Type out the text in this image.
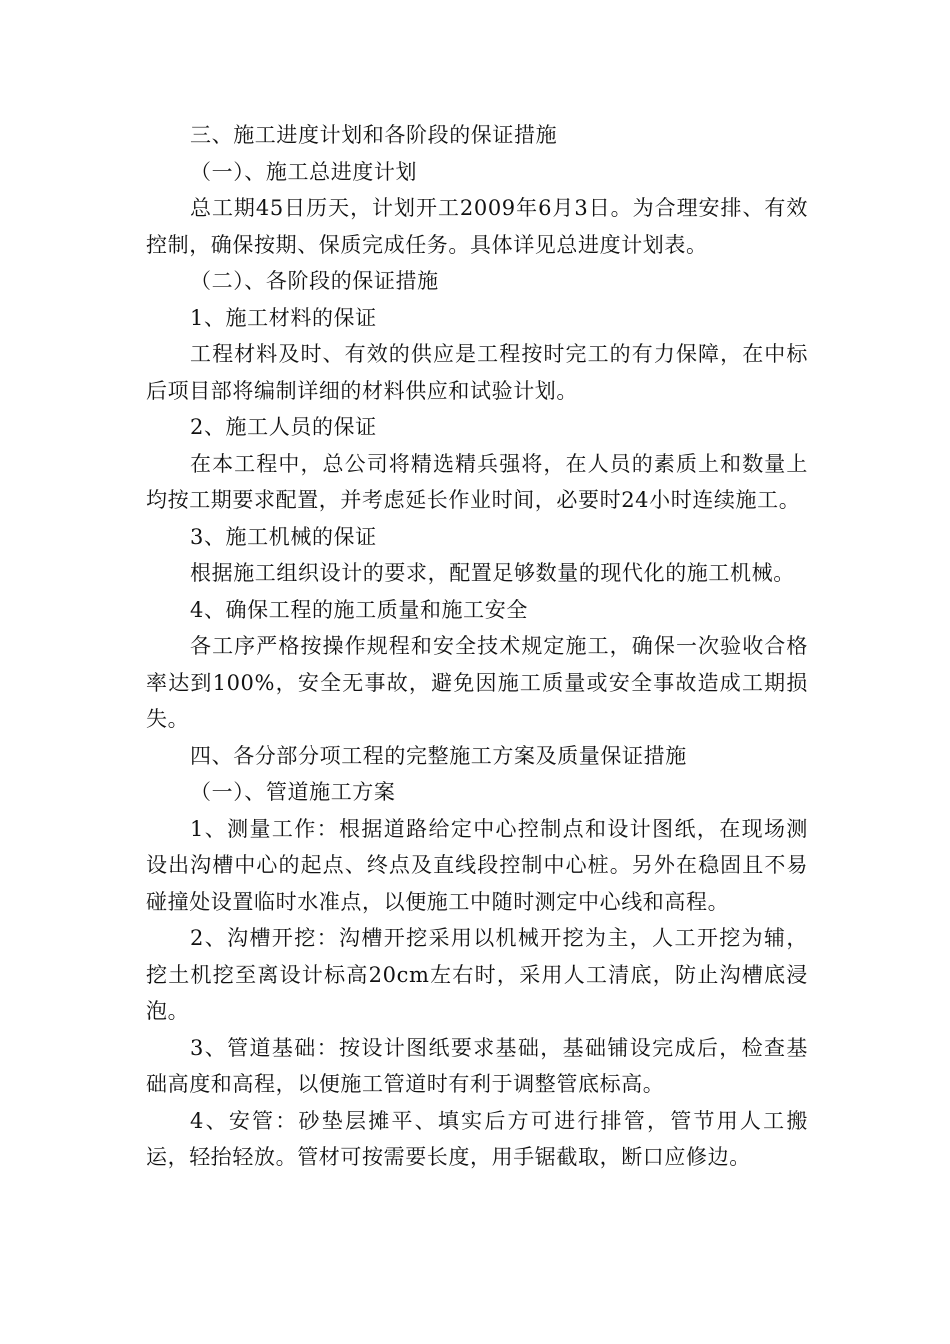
三、施工进度计划和各阶段的保证措施

（一）、施工总进度计划

总工期45日历天，计划开工2009年6月3日。为合理安排、有效控制，确保按期、保质完成任务。具体详见总进度计划表。

（二）、各阶段的保证措施

1、施工材料的保证

工程材料及时、有效的供应是工程按时完工的有力保障，在中标后项目部将编制详细的材料供应和试验计划。

2、施工人员的保证

在本工程中，总公司将精选精兵强将，在人员的素质上和数量上均按工期要求配置，并考虑延长作业时间，必要时24小时连续施工。

3、施工机械的保证

根据施工组织设计的要求，配置足够数量的现代化的施工机械。

4、确保工程的施工质量和施工安全

各工序严格按操作规程和安全技术规定施工，确保一次验收合格率达到100%，安全无事故，避免因施工质量或安全事故造成工期损失。

四、各分部分项工程的完整施工方案及质量保证措施

（一）、管道施工方案

1、测量工作：根据道路给定中心控制点和设计图纸，在现场测设出沟槽中心的起点、终点及直线段控制中心桩。另外在稳固且不易碰撞处设置临时水准点，以便施工中随时测定中心线和高程。

2、沟槽开挖：沟槽开挖采用以机械开挖为主，人工开挖为辅，挖土机挖至离设计标高20cm左右时，采用人工清底，防止沟槽底浸泡。

3、管道基础：按设计图纸要求基础，基础铺设完成后，检查基础高度和高程，以便施工管道时有利于调整管底标高。

4、安管：砂垫层摊平、填实后方可进行排管，管节用人工搬运，轻抬轻放。管材可按需要长度，用手锯截取，断口应修边。
